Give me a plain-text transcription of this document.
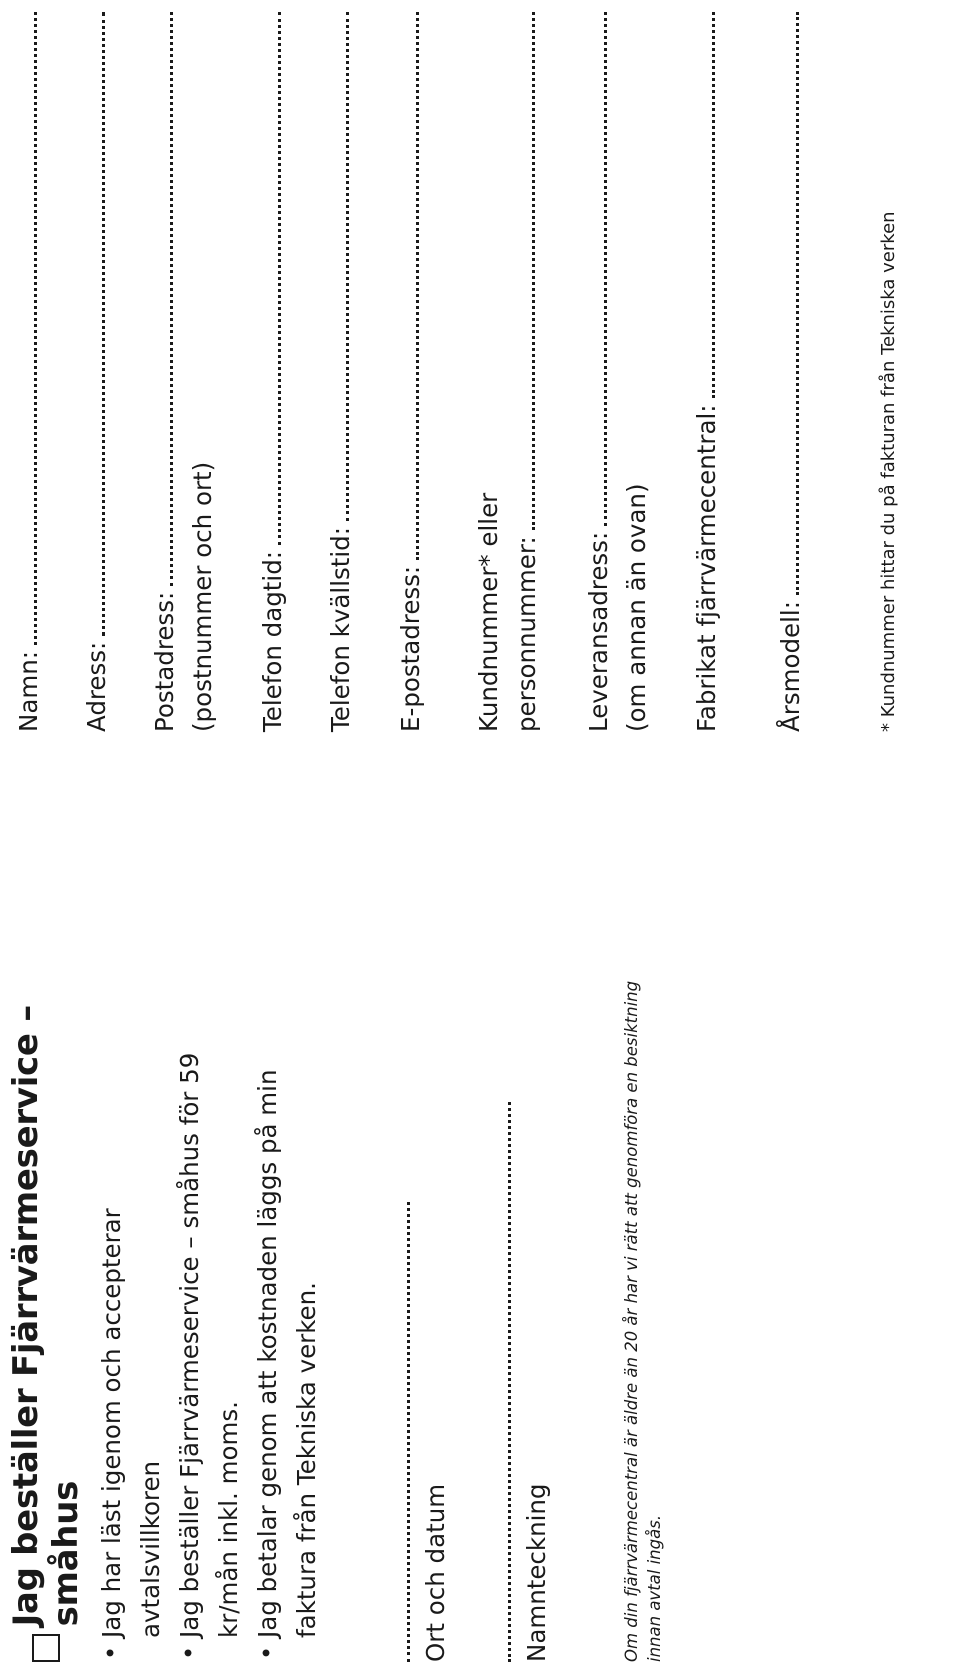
Jag beställer Fjärrvärmeservice – småhus • Jag har läst igenom och accepterar avtalsvillkoren • Jag beställer Fjärrvärmeservice – småhus för 59 kr/mån inkl. moms. • Jag betalar genom att kostnaden läggs på min faktura från Tekniska verken.	Ort och datum	Namnteckning	Om din fjärrvärmecentral är äldre än 20 år har vi rätt att genomföra en besiktning innan avtal ingås.
Namn: Adress: Postadress: (postnummer och ort) Telefon dagtid: Telefon kvällstid: E-postadress: Kundnummer* eller personnummer: Leveransadress: (om annan än ovan) Fabrikat fjärrvärmecentral: Årsmodell:	* Kundnummer hittar du på fakturan från Tekniska verken
